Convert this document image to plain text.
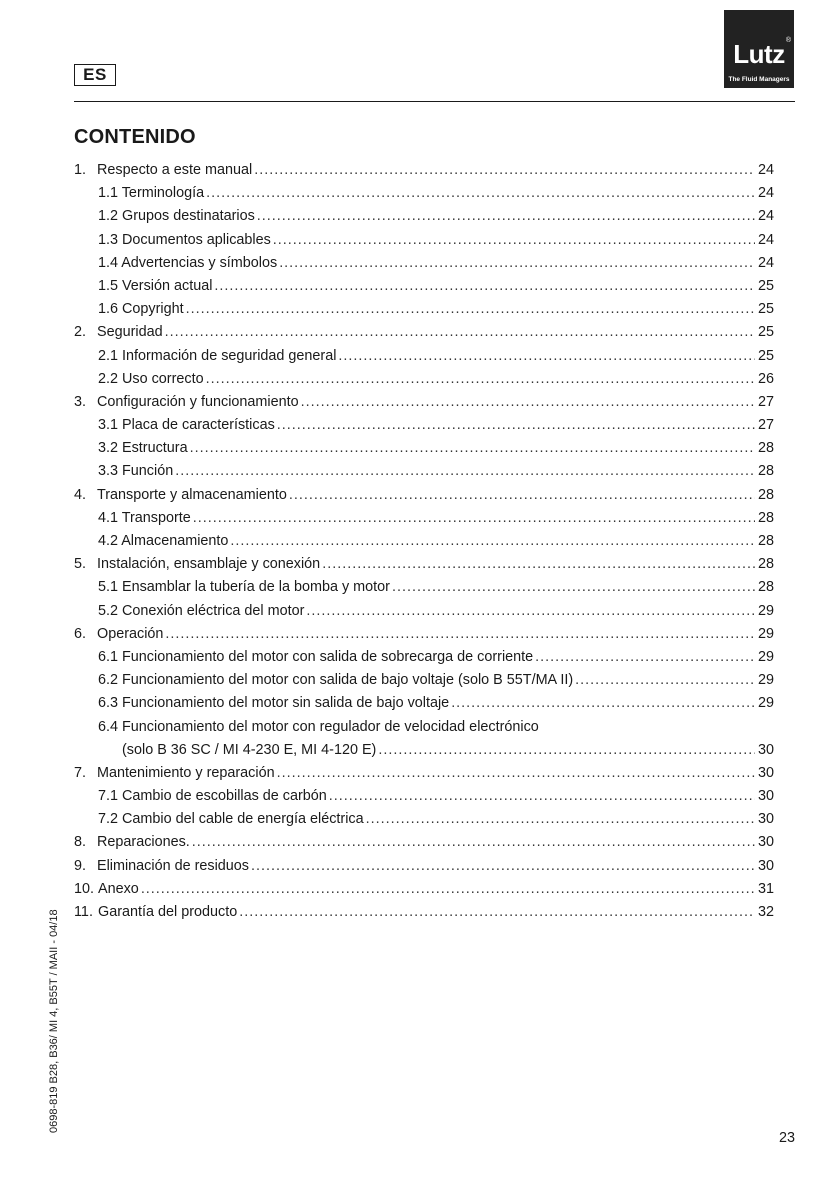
ES
Lutz ®
The Fluid Managers
CONTENIDO
1. Respecto a este manual .....	24
1.1 Terminología .....	24
1.2 Grupos destinatarios .....	24
1.3 Documentos aplicables .....	24
1.4 Advertencias y símbolos .....	24
1.5 Versión actual .....	25
1.6 Copyright .....	25
2. Seguridad .....	25
2.1 Información de seguridad general .....	25
2.2 Uso correcto .....	26
3. Configuración y funcionamiento .....	27
3.1 Placa de características .....	27
3.2 Estructura .....	28
3.3 Función .....	28
4. Transporte y almacenamiento .....	28
4.1 Transporte .....	28
4.2 Almacenamiento .....	28
5. Instalación, ensamblaje y conexión .....	28
5.1 Ensamblar la tubería de la bomba y motor .....	28
5.2 Conexión eléctrica del motor .....	29
6. Operación .....	29
6.1 Funcionamiento del motor con salida de sobrecarga de corriente .....	29
6.2 Funcionamiento del motor con salida de bajo voltaje (solo B 55T/MA II) .....	29
6.3 Funcionamiento del motor sin salida de bajo voltaje .....	29
6.4 Funcionamiento del motor con regulador de velocidad electrónico
(solo B 36 SC / MI 4-230 E, MI 4-120 E) .....	30
7. Mantenimiento y reparación .....	30
7.1 Cambio de escobillas de carbón .....	30
7.2 Cambio del cable de energía eléctrica .....	30
8. Reparaciones. .....	30
9. Eliminación de residuos .....	30
10. Anexo .....	31
11. Garantía del producto .....	32
0698-819 B28, B36/ MI 4, B55T / MAII - 04/18
23
